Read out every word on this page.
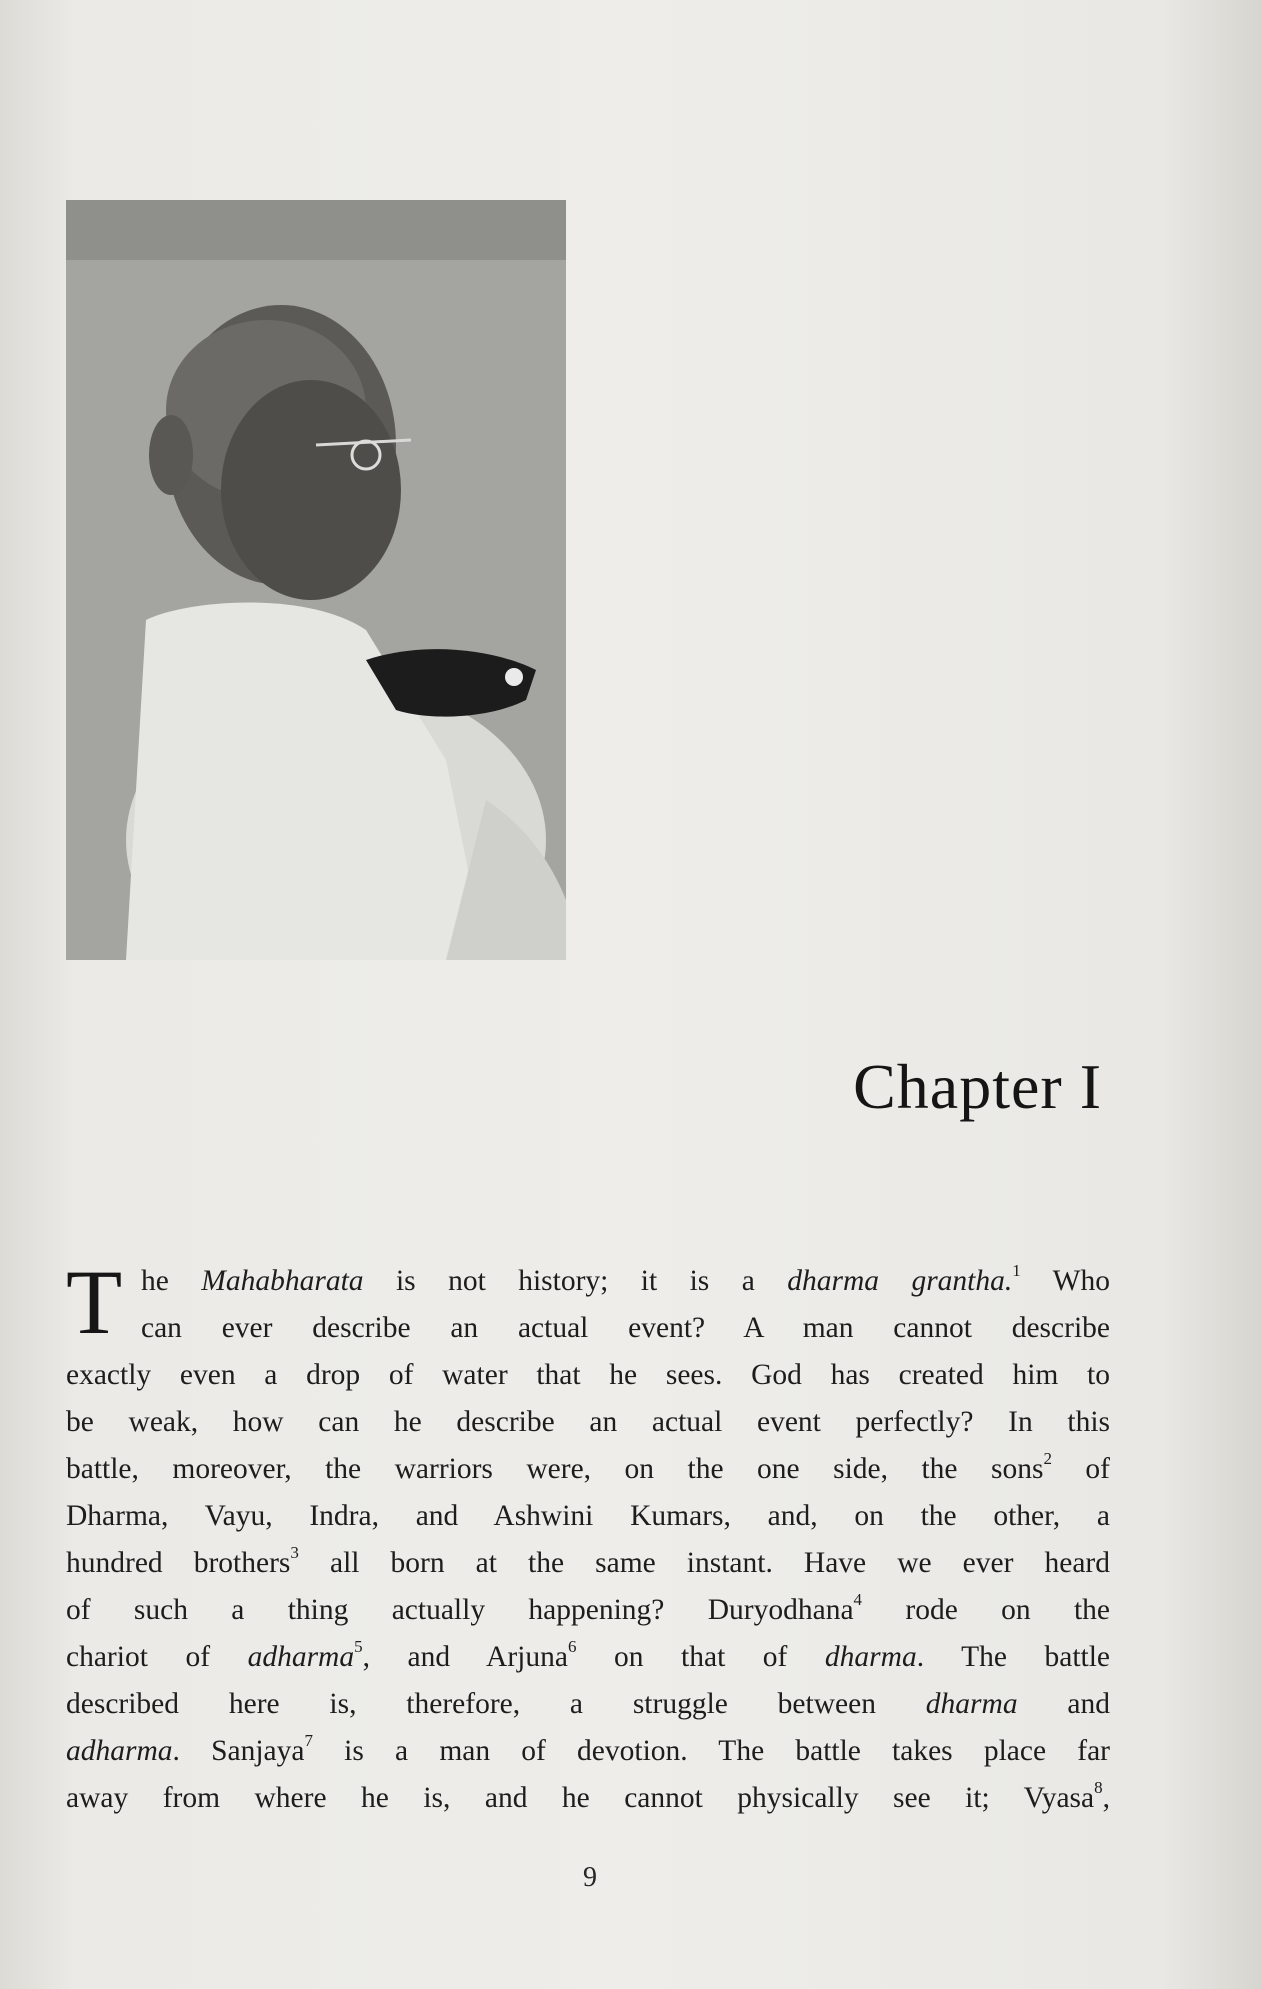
Chapter I
T he Mahabharata is not history; it is a dharma grantha.$^1$ Who
can ever describe an actual event? A man cannot describe
exactly even a drop of water that he sees. God has created him to
be weak, how can he describe an actual event perfectly? In this
battle, moreover, the warriors were, on the one side, the sons$^2$ of
Dharma, Vayu, Indra, and Ashwini Kumars, and, on the other, a
hundred brothers$^3$ all born at the same instant. Have we ever heard
of such a thing actually happening? Duryodhana$^4$ rode on the
chariot of adharma$^5$, and Arjuna$^6$ on that of dharma. The battle
described here is, therefore, a struggle between dharma and
adharma. Sanjaya$^7$ is a man of devotion. The battle takes place far
away from where he is, and he cannot physically see it; Vyasa$^8$,
9
